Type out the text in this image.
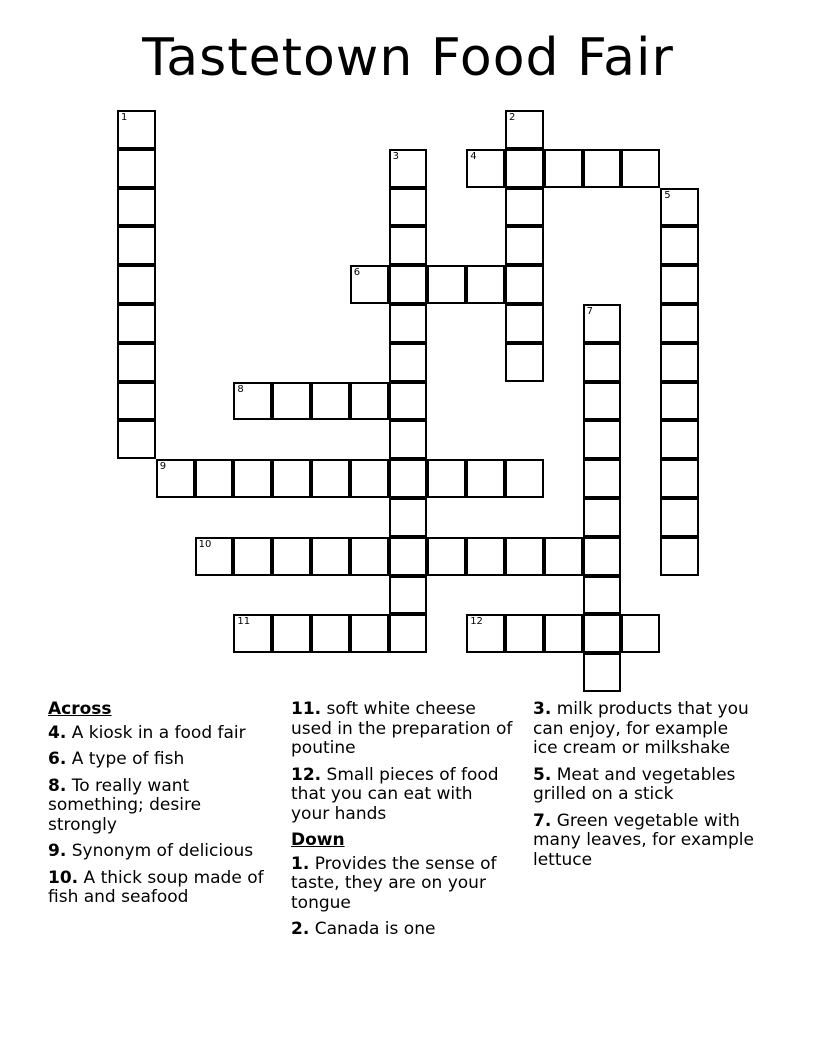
Tastetown Food Fair
1	2
3	4
5
6
7
8
9
10
11	12
Across
4. A kiosk in a food fair
6. A type of fish
8. To really want something; desire strongly
9. Synonym of delicious
10. A thick soup made of fish and seafood
11. soft white cheese used in the preparation of poutine
12. Small pieces of food that you can eat with your hands
Down
1. Provides the sense of taste, they are on your tongue
2. Canada is one
3. milk products that you can enjoy, for example ice cream or milkshake
5. Meat and vegetables grilled on a stick
7. Green vegetable with many leaves, for example lettuce
